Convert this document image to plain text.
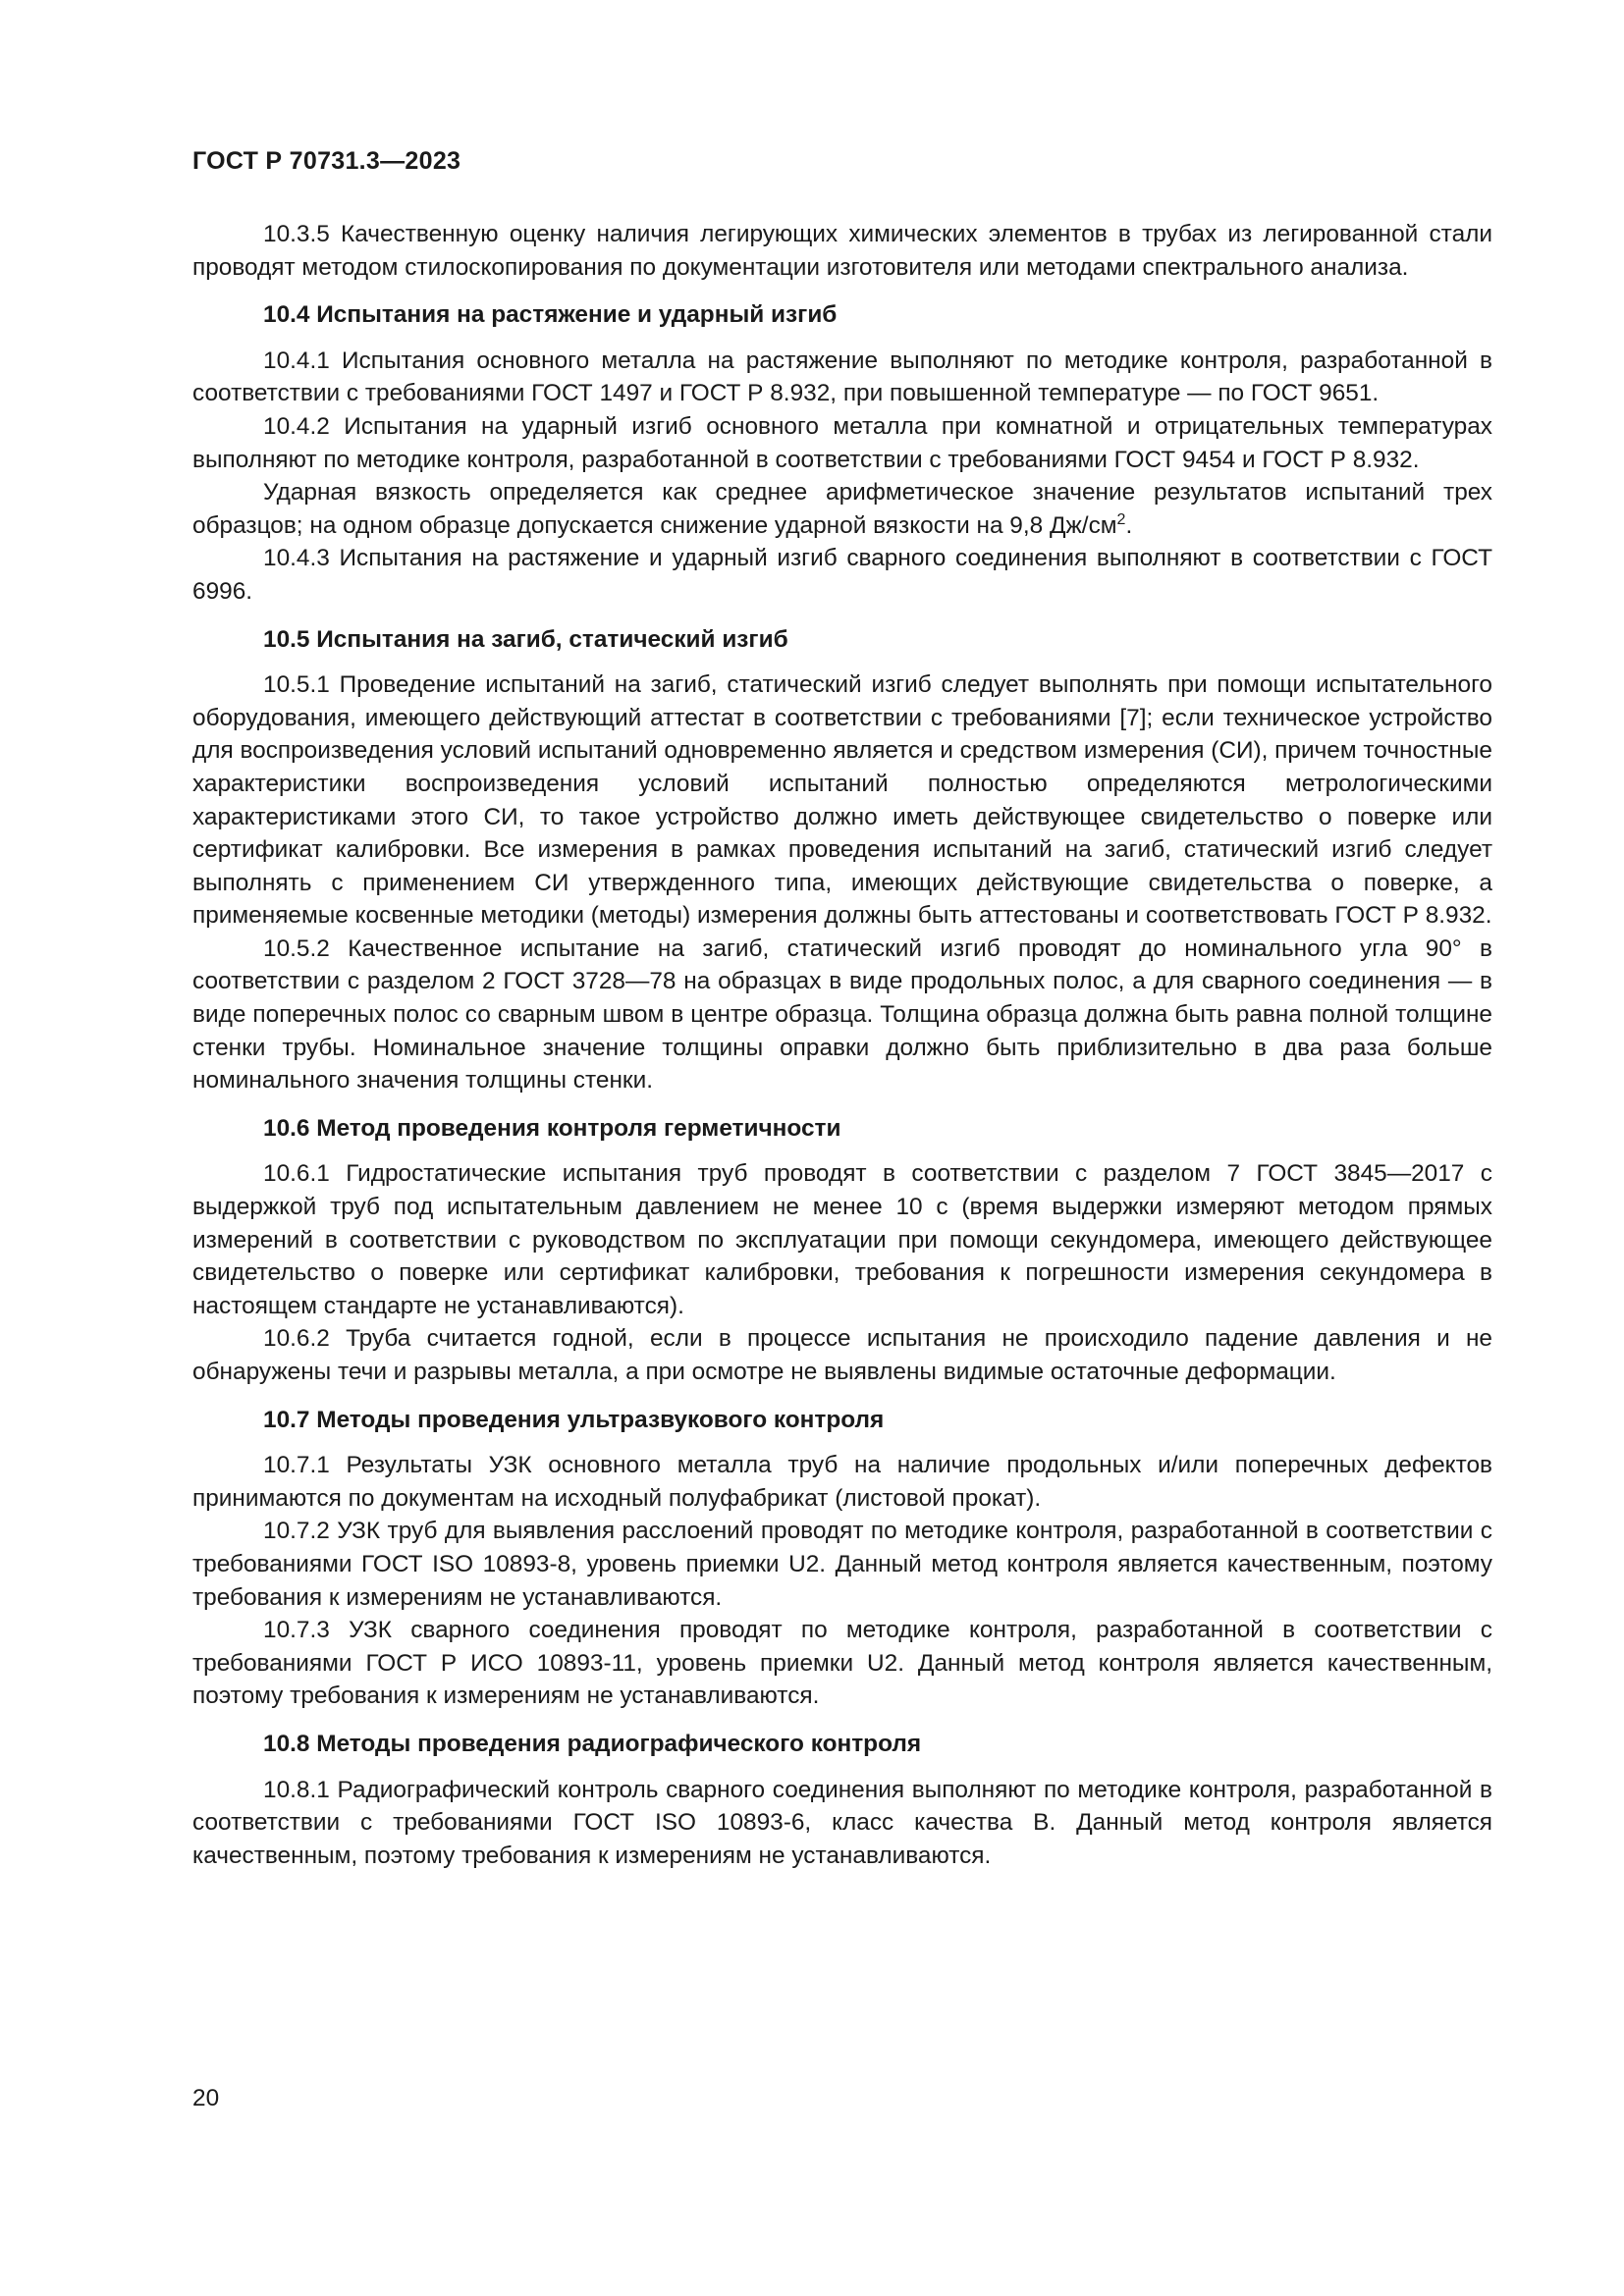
ГОСТ Р 70731.3—2023

10.3.5 Качественную оценку наличия легирующих химических элементов в трубах из легированной стали проводят методом стилоскопирования по документации изготовителя или методами спектрального анализа.

10.4 Испытания на растяжение и ударный изгиб

10.4.1 Испытания основного металла на растяжение выполняют по методике контроля, разработанной в соответствии с требованиями ГОСТ 1497 и ГОСТ Р 8.932, при повышенной температуре — по ГОСТ 9651.

10.4.2 Испытания на ударный изгиб основного металла при комнатной и отрицательных температурах выполняют по методике контроля, разработанной в соответствии с требованиями ГОСТ 9454 и ГОСТ Р 8.932.

Ударная вязкость определяется как среднее арифметическое значение результатов испытаний трех образцов; на одном образце допускается снижение ударной вязкости на 9,8 $Дж/см^2$.

10.4.3 Испытания на растяжение и ударный изгиб сварного соединения выполняют в соответствии с ГОСТ 6996.

10.5 Испытания на загиб, статический изгиб

10.5.1 Проведение испытаний на загиб, статический изгиб следует выполнять при помощи испытательного оборудования, имеющего действующий аттестат в соответствии с требованиями [7]; если техническое устройство для воспроизведения условий испытаний одновременно является и средством измерения (СИ), причем точностные характеристики воспроизведения условий испытаний полностью определяются метрологическими характеристиками этого СИ, то такое устройство должно иметь действующее свидетельство о поверке или сертификат калибровки. Все измерения в рамках проведения испытаний на загиб, статический изгиб следует выполнять с применением СИ утвержденного типа, имеющих действующие свидетельства о поверке, а применяемые косвенные методики (методы) измерения должны быть аттестованы и соответствовать ГОСТ Р 8.932.

10.5.2 Качественное испытание на загиб, статический изгиб проводят до номинального угла 90° в соответствии с разделом 2 ГОСТ 3728—78 на образцах в виде продольных полос, а для сварного соединения — в виде поперечных полос со сварным швом в центре образца. Толщина образца должна быть равна полной толщине стенки трубы. Номинальное значение толщины оправки должно быть приблизительно в два раза больше номинального значения толщины стенки.

10.6 Метод проведения контроля герметичности

10.6.1 Гидростатические испытания труб проводят в соответствии с разделом 7 ГОСТ 3845—2017 с выдержкой труб под испытательным давлением не менее 10 с (время выдержки измеряют методом прямых измерений в соответствии с руководством по эксплуатации при помощи секундомера, имеющего действующее свидетельство о поверке или сертификат калибровки, требования к погрешности измерения секундомера в настоящем стандарте не устанавливаются).

10.6.2 Труба считается годной, если в процессе испытания не происходило падение давления и не обнаружены течи и разрывы металла, а при осмотре не выявлены видимые остаточные деформации.

10.7 Методы проведения ультразвукового контроля

10.7.1 Результаты УЗК основного металла труб на наличие продольных и/или поперечных дефектов принимаются по документам на исходный полуфабрикат (листовой прокат).

10.7.2 УЗК труб для выявления расслоений проводят по методике контроля, разработанной в соответствии с требованиями ГОСТ ISO 10893-8, уровень приемки U2. Данный метод контроля является качественным, поэтому требования к измерениям не устанавливаются.

10.7.3 УЗК сварного соединения проводят по методике контроля, разработанной в соответствии с требованиями ГОСТ Р ИСО 10893-11, уровень приемки U2. Данный метод контроля является качественным, поэтому требования к измерениям не устанавливаются.

10.8 Методы проведения радиографического контроля

10.8.1 Радиографический контроль сварного соединения выполняют по методике контроля, разработанной в соответствии с требованиями ГОСТ ISO 10893-6, класс качества В. Данный метод контроля является качественным, поэтому требования к измерениям не устанавливаются.

20
